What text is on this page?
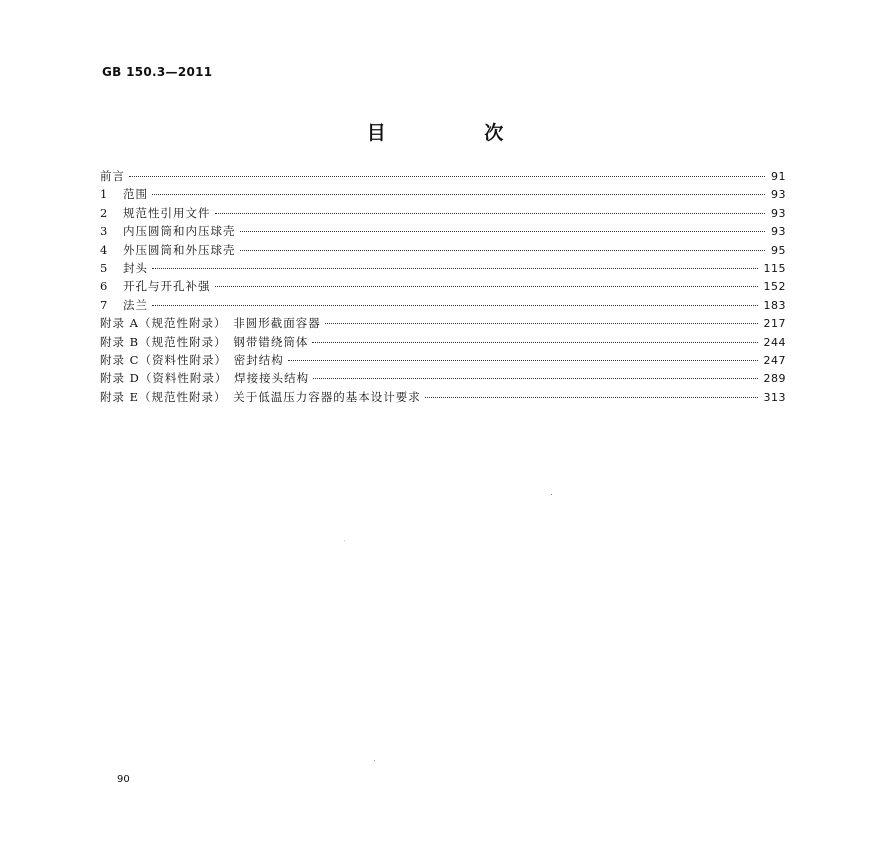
GB 150.3—2011
目 次
前言	91
1 范围	93
2 规范性引用文件	93
3 内压圆筒和内压球壳	93
4 外压圆筒和外压球壳	95
5 封头	115
6 开孔与开孔补强	152
7 法兰	183
附录 A（规范性附录）　非圆形截面容器	217
附录 B（规范性附录）　钢带错绕筒体	244
附录 C（资料性附录）　密封结构	247
附录 D（资料性附录）　焊接接头结构	289
附录 E（规范性附录）　关于低温压力容器的基本设计要求	313
90
